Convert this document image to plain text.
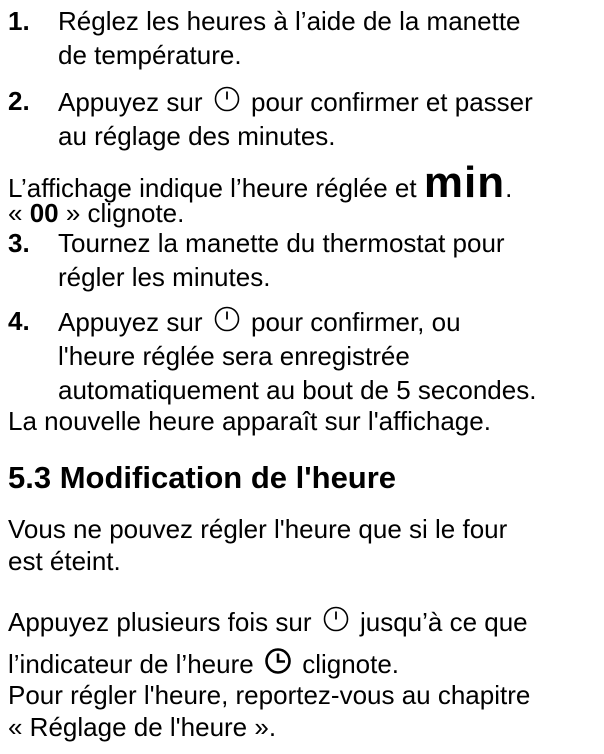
1. Réglez les heures à l’aide de la manette
de température.
2. Appuyez sur pour confirmer et passer
au réglage des minutes.
L’affichage indique l’heure réglée et min.
« 00 » clignote.
3. Tournez la manette du thermostat pour
régler les minutes.
4. Appuyez sur pour confirmer, ou
l'heure réglée sera enregistrée
automatiquement au bout de 5 secondes.
La nouvelle heure apparaît sur l'affichage.
5.3 Modification de l'heure
Vous ne pouvez régler l'heure que si le four
est éteint.
Appuyez plusieurs fois sur jusqu’à ce que
l’indicateur de l’heure clignote.
Pour régler l'heure, reportez-vous au chapitre
« Réglage de l'heure ».
